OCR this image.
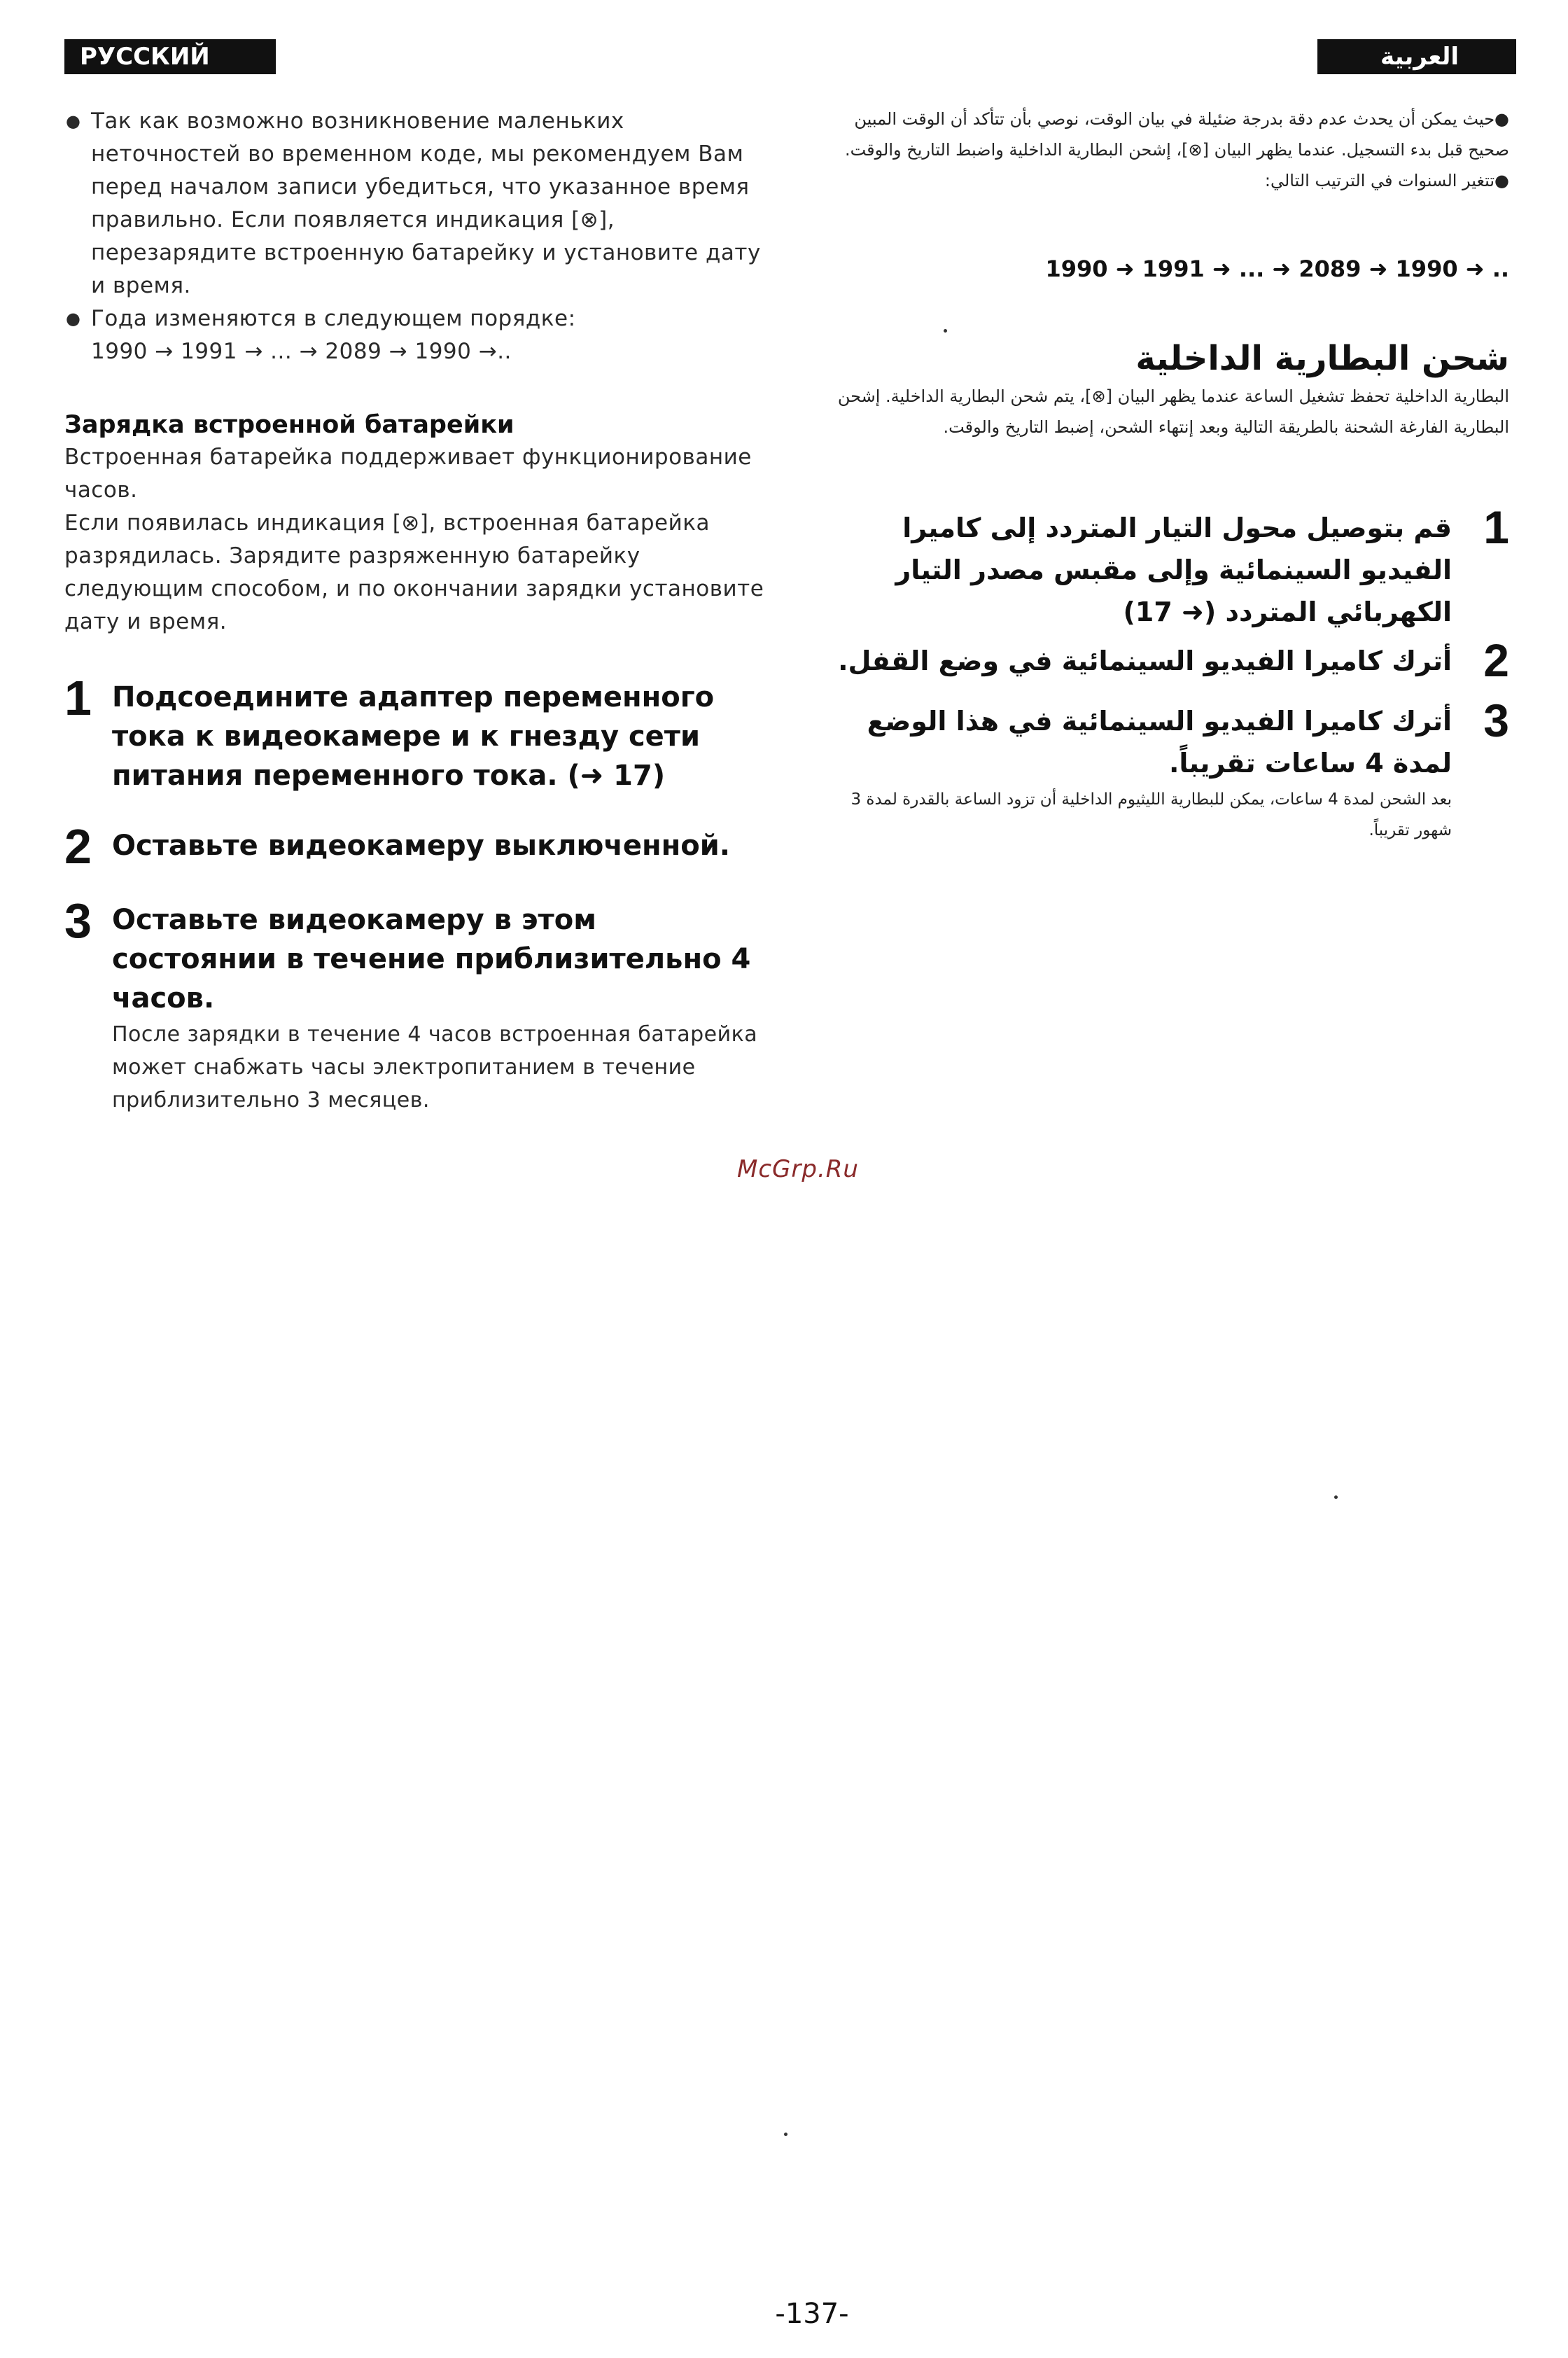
РУССКИЙ ЯЗЫК
العربية
● Так как возможно возникновение маленьких неточностей во временном коде, мы рекомендуем Вам перед началом записи убедиться, что указанное время правильно. Если появляется индикация [⊗], перезарядите встроенную батарейку и установите дату и время.
● Года изменяются в следующем порядке:
1990 → 1991 → ... → 2089 → 1990 →..
Зарядка встроенной батарейки
Встроенная батарейка поддерживает функционирование часов.
Если появилась индикация [⊗], встроенная батарейка разрядилась. Зарядите разряженную батарейку следующим способом, и по окончании зарядки установите дату и время.
1 Подсоедините адаптер переменного тока к видеокамере и к гнезду сети питания переменного тока. (➜ 17)
2 Оставьте видеокамеру выключенной.
3 Оставьте видеокамеру в этом состоянии в течение приблизительно 4 часов.
После зарядки в течение 4 часов встроенная батарейка может снабжать часы электропитанием в течение приблизительно 3 месяцев.
●حيث يمكن أن يحدث عدم دقة بدرجة ضئيلة في بيان الوقت، نوصي بأن تتأكد أن الوقت المبين صحيح قبل بدء التسجيل. عندما يظهر البيان [⊗]، إشحن البطارية الداخلية واضبط التاريخ والوقت.
●تتغير السنوات في الترتيب التالي:
1990 ➜ 1991 ➜ ... ➜ 2089 ➜ 1990 ➜ ..
شحن البطارية الداخلية
البطارية الداخلية تحفظ تشغيل الساعة عندما يظهر البيان [⊗]، يتم شحن البطارية الداخلية. إشحن البطارية الفارغة الشحنة بالطريقة التالية وبعد إنتهاء الشحن، إضبط التاريخ والوقت.
1
قم بتوصيل محول التيار المتردد إلى كاميرا الفيديو السينمائية وإلى مقبس مصدر التيار الكهربائي المتردد (➜ 17)
2
أترك كاميرا الفيديو السينمائية في وضع القفل.
3
أترك كاميرا الفيديو السينمائية في هذا الوضع لمدة 4 ساعات تقريباً.
بعد الشحن لمدة 4 ساعات، يمكن للبطارية الليثيوم الداخلية أن تزود الساعة بالقدرة لمدة 3 شهور تقريباً.
McGrp.Ru
-137-
